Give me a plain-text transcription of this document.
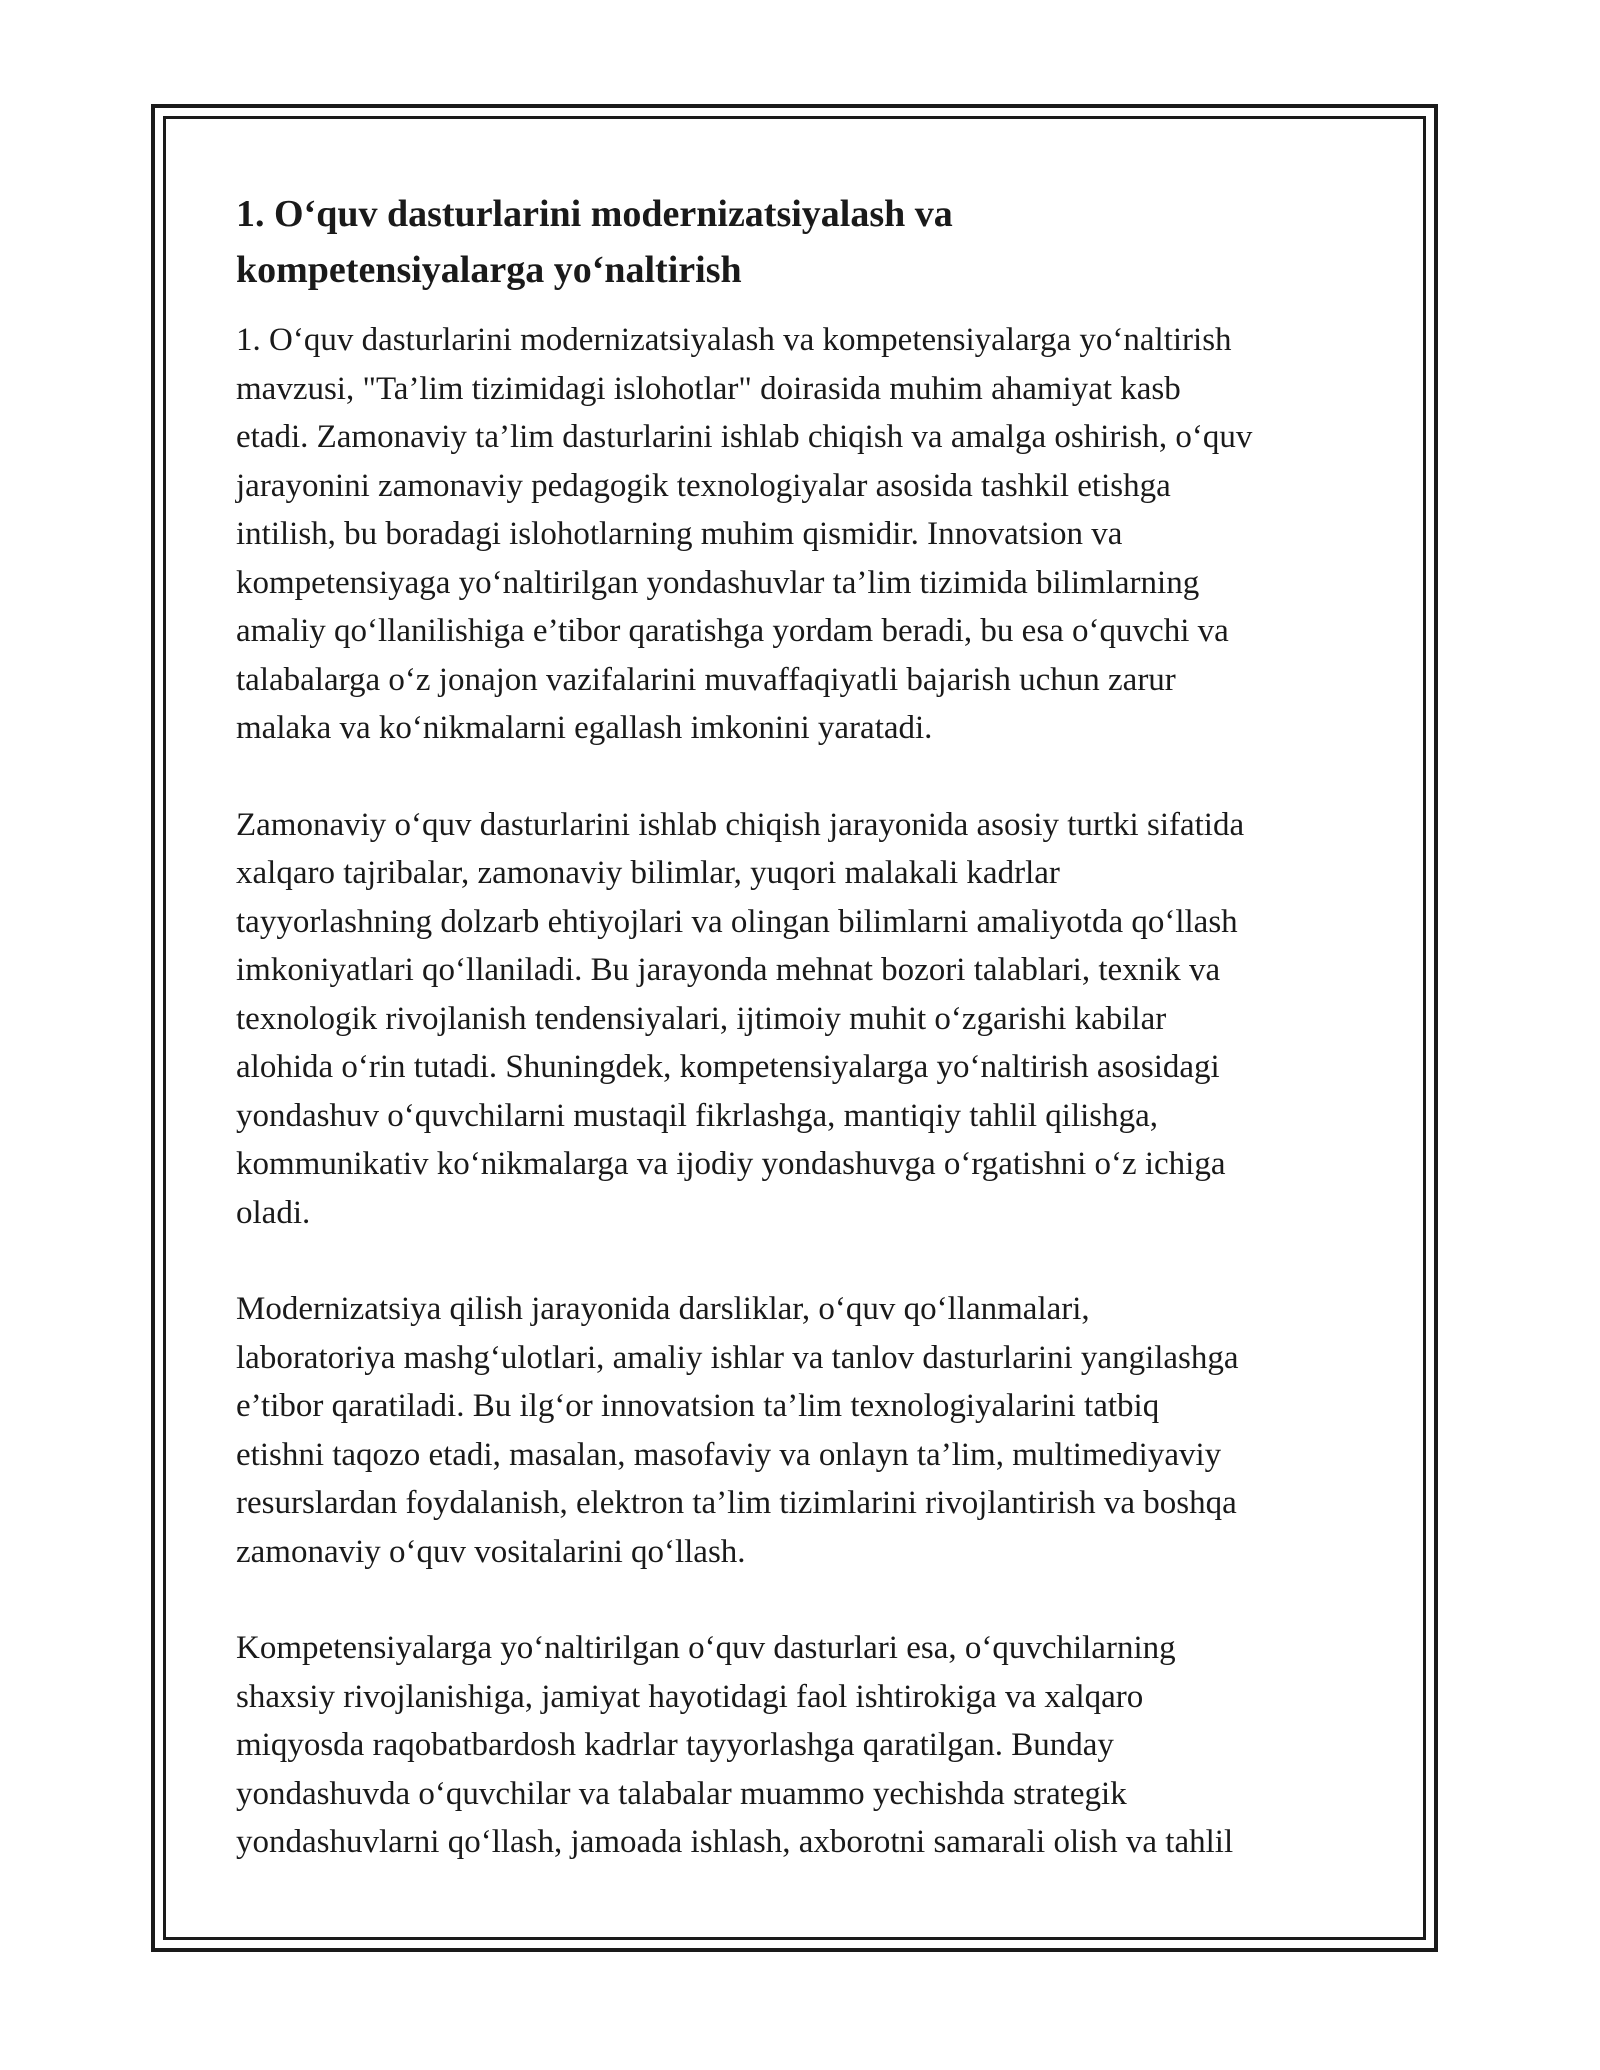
1. O‘quv dasturlarini modernizatsiyalash va
kompetensiyalarga yo‘naltirish

1. O‘quv dasturlarini modernizatsiyalash va kompetensiyalarga yo‘naltirish
mavzusi, "Ta’lim tizimidagi islohotlar" doirasida muhim ahamiyat kasb
etadi. Zamonaviy ta’lim dasturlarini ishlab chiqish va amalga oshirish, o‘quv
jarayonini zamonaviy pedagogik texnologiyalar asosida tashkil etishga
intilish, bu boradagi islohotlarning muhim qismidir. Innovatsion va
kompetensiyaga yo‘naltirilgan yondashuvlar ta’lim tizimida bilimlarning
amaliy qo‘llanilishiga e’tibor qaratishga yordam beradi, bu esa o‘quvchi va
talabalarga o‘z jonajon vazifalarini muvaffaqiyatli bajarish uchun zarur
malaka va ko‘nikmalarni egallash imkonini yaratadi.

Zamonaviy o‘quv dasturlarini ishlab chiqish jarayonida asosiy turtki sifatida
xalqaro tajribalar, zamonaviy bilimlar, yuqori malakali kadrlar
tayyorlashning dolzarb ehtiyojlari va olingan bilimlarni amaliyotda qo‘llash
imkoniyatlari qo‘llaniladi. Bu jarayonda mehnat bozori talablari, texnik va
texnologik rivojlanish tendensiyalari, ijtimoiy muhit o‘zgarishi kabilar
alohida o‘rin tutadi. Shuningdek, kompetensiyalarga yo‘naltirish asosidagi
yondashuv o‘quvchilarni mustaqil fikrlashga, mantiqiy tahlil qilishga,
kommunikativ ko‘nikmalarga va ijodiy yondashuvga o‘rgatishni o‘z ichiga
oladi.

Modernizatsiya qilish jarayonida darsliklar, o‘quv qo‘llanmalari,
laboratoriya mashg‘ulotlari, amaliy ishlar va tanlov dasturlarini yangilashga
e’tibor qaratiladi. Bu ilg‘or innovatsion ta’lim texnologiyalarini tatbiq
etishni taqozo etadi, masalan, masofaviy va onlayn ta’lim, multimediyaviy
resurslardan foydalanish, elektron ta’lim tizimlarini rivojlantirish va boshqa
zamonaviy o‘quv vositalarini qo‘llash.

Kompetensiyalarga yo‘naltirilgan o‘quv dasturlari esa, o‘quvchilarning
shaxsiy rivojlanishiga, jamiyat hayotidagi faol ishtirokiga va xalqaro
miqyosda raqobatbardosh kadrlar tayyorlashga qaratilgan. Bunday
yondashuvda o‘quvchilar va talabalar muammo yechishda strategik
yondashuvlarni qo‘llash, jamoada ishlash, axborotni samarali olish va tahlil
